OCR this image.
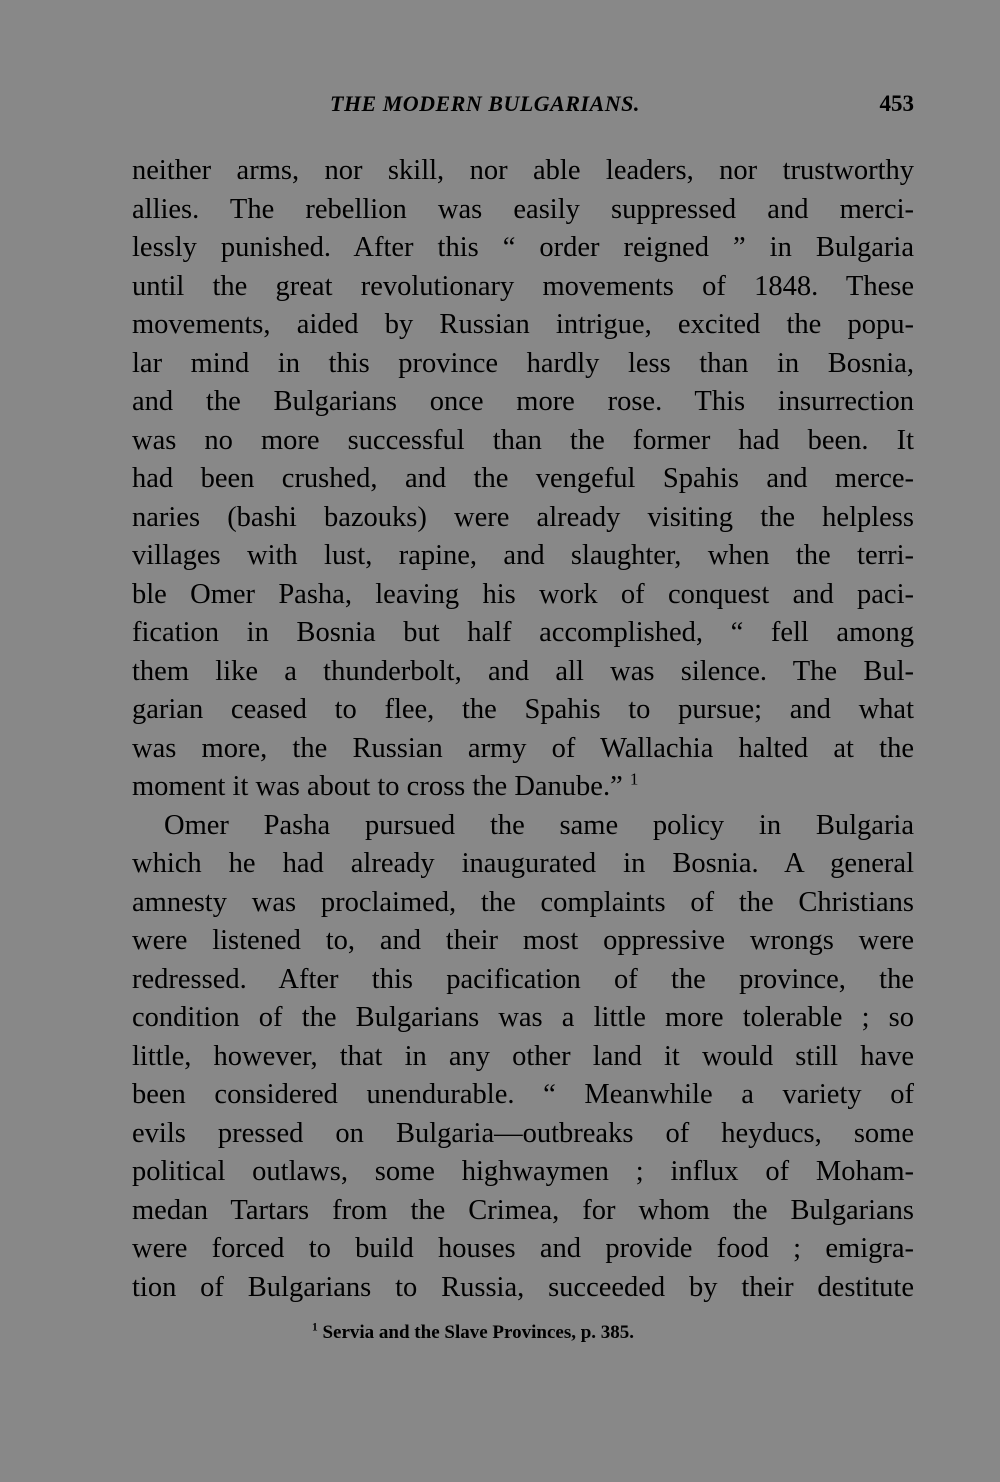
THE MODERN BULGARIANS.	453

neither arms, nor skill, nor able leaders, nor trustworthy

allies. The rebellion was easily suppressed and merci-

lessly punished. After this “ order reigned ” in Bulgaria

until the great revolutionary movements of 1848. These

movements, aided by Russian intrigue, excited the popu-

lar mind in this province hardly less than in Bosnia,

and the Bulgarians once more rose. This insurrection

was no more successful than the former had been. It

had been crushed, and the vengeful Spahis and merce-

naries (bashi bazouks) were already visiting the helpless

villages with lust, rapine, and slaughter, when the terri-

ble Omer Pasha, leaving his work of conquest and paci-

fication in Bosnia but half accomplished, “ fell among

them like a thunderbolt, and all was silence. The Bul-

garian ceased to flee, the Spahis to pursue; and what

was more, the Russian army of Wallachia halted at the

moment it was about to cross the Danube.” $^1$

Omer Pasha pursued the same policy in Bulgaria

which he had already inaugurated in Bosnia. A general

amnesty was proclaimed, the complaints of the Christians

were listened to, and their most oppressive wrongs were

redressed. After this pacification of the province, the

condition of the Bulgarians was a little more tolerable ; so

little, however, that in any other land it would still have

been considered unendurable. “ Meanwhile a variety of

evils pressed on Bulgaria—outbreaks of heyducs, some

political outlaws, some highwaymen ; influx of Moham-

medan Tartars from the Crimea, for whom the Bulgarians

were forced to build houses and provide food ; emigra-

tion of Bulgarians to Russia, succeeded by their destitute

$^1$ Servia and the Slave Provinces, p. 385.
